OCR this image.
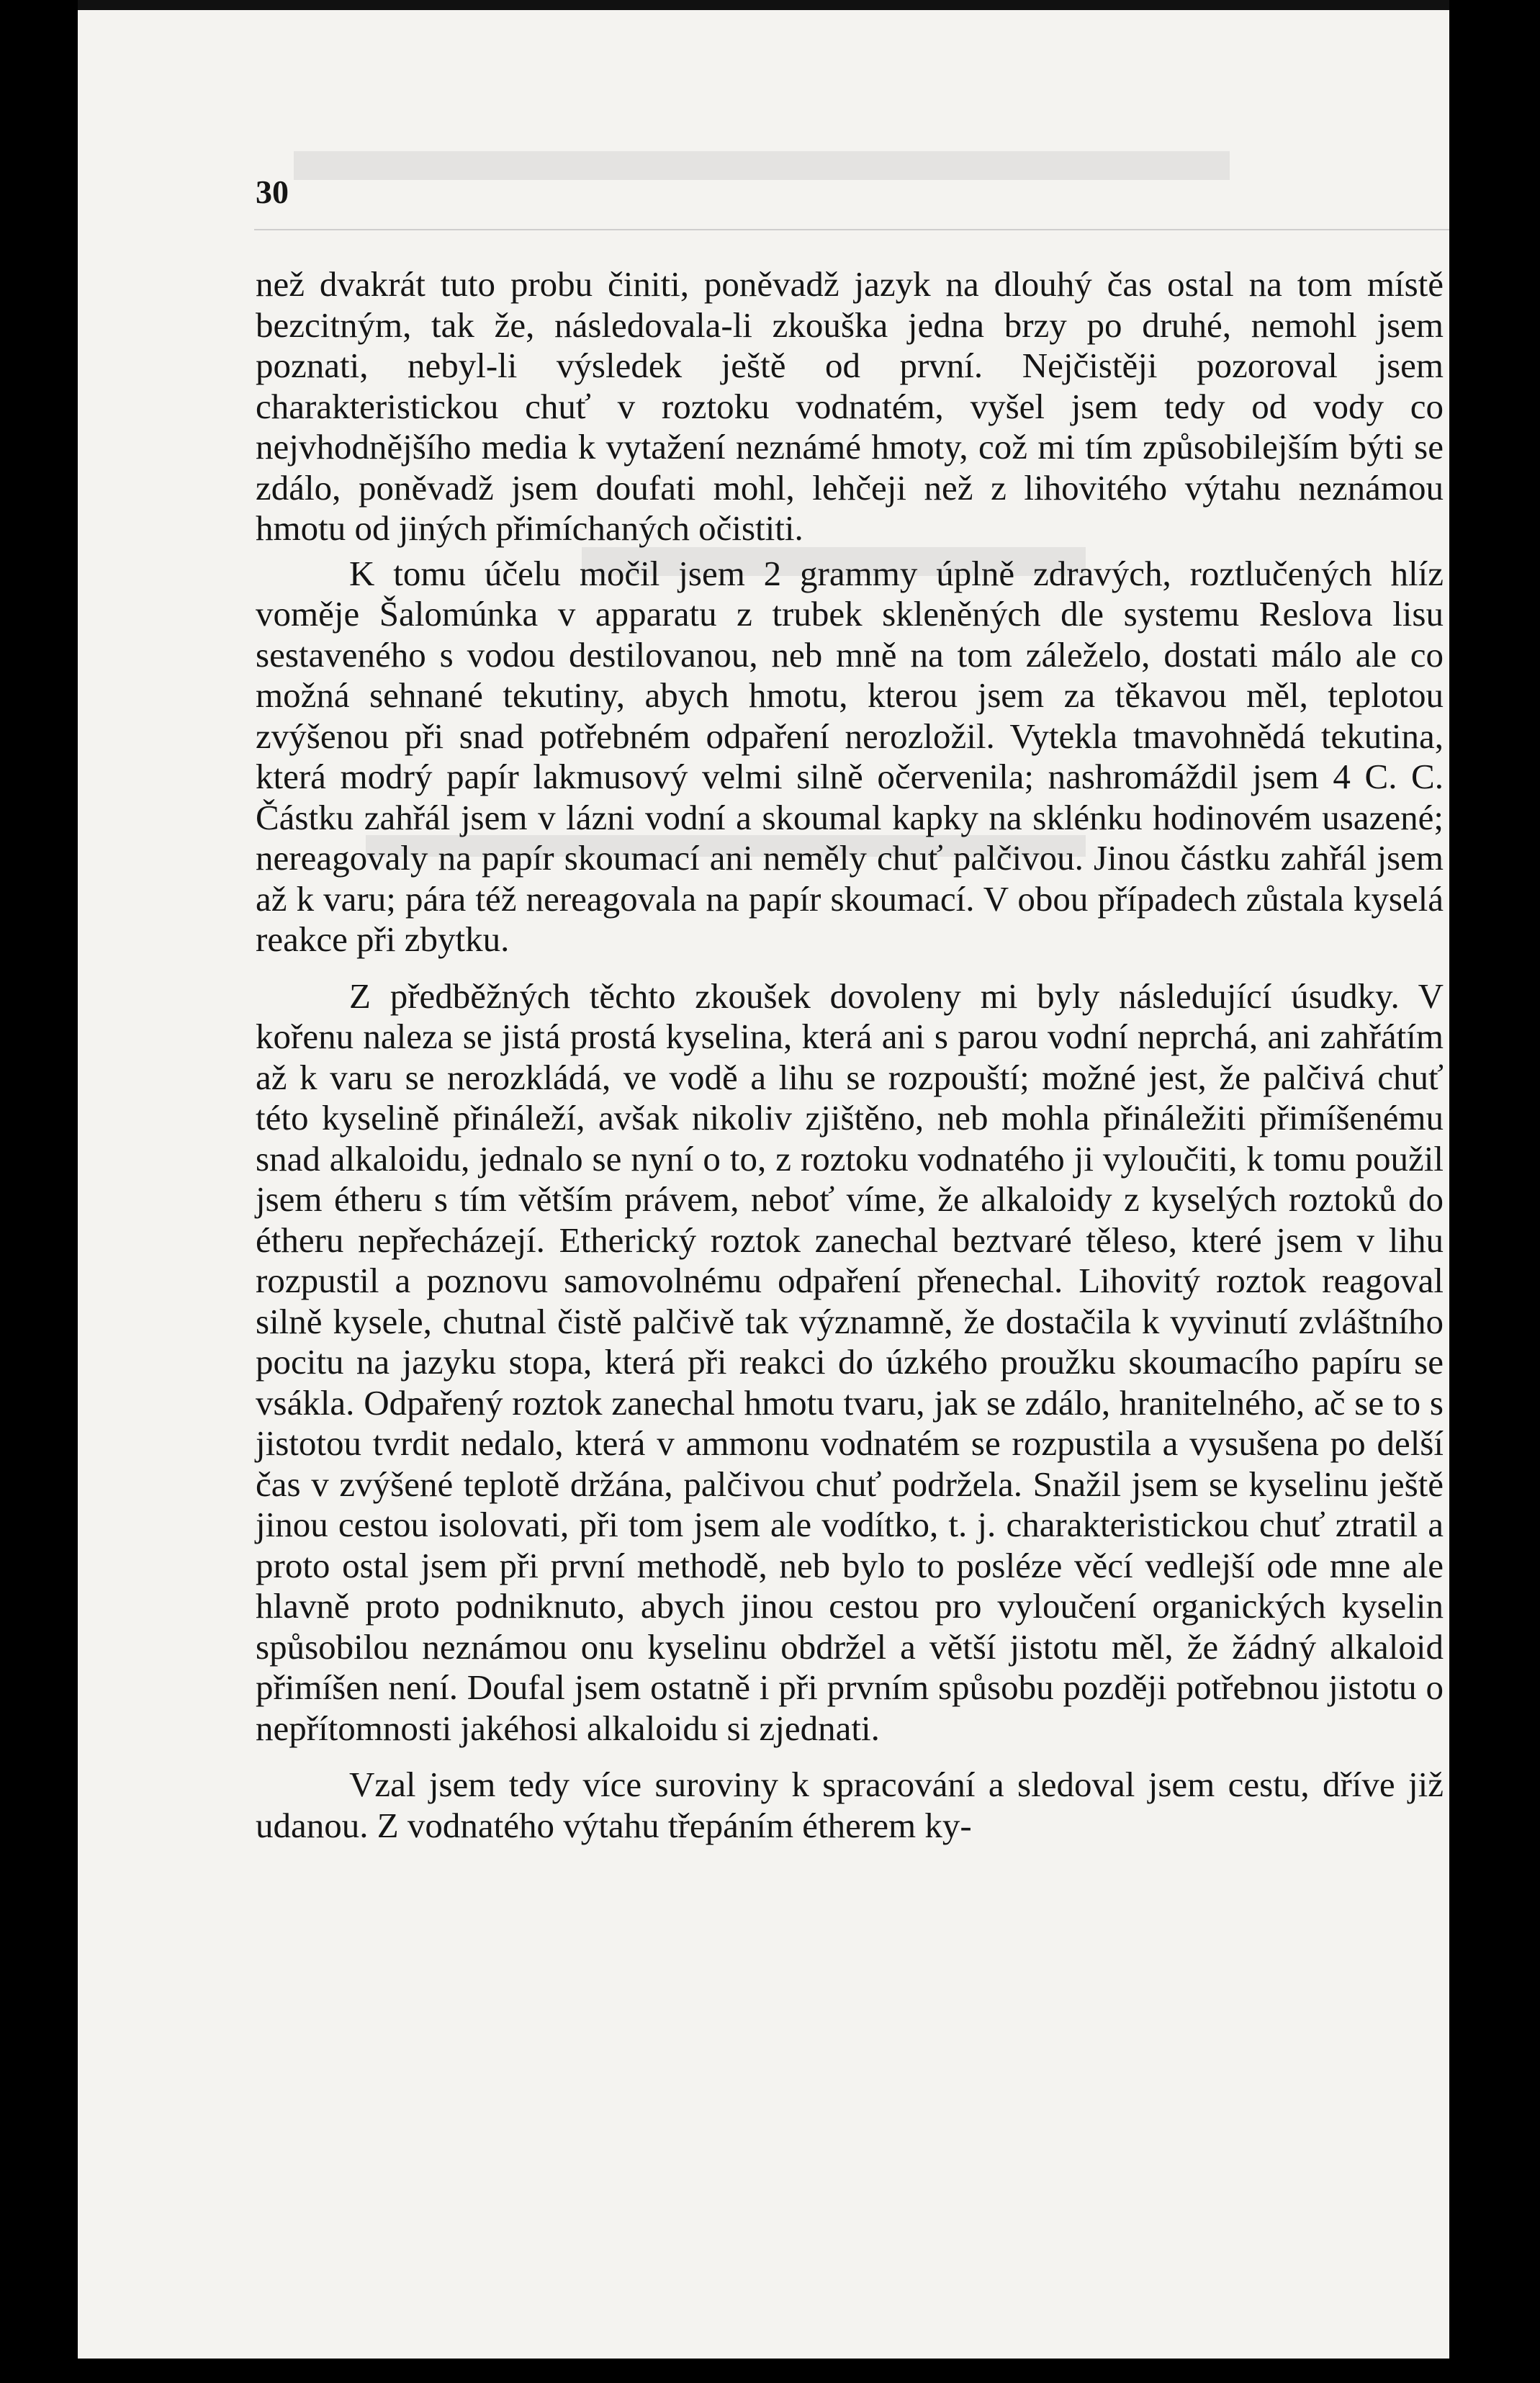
30

než dvakrát tuto probu činiti, poněvadž jazyk na dlouhý čas ostal na tom místě bezcitným, tak že, následovala-li zkouška jedna brzy po druhé, nemohl jsem poznati, nebyl-li výsledek ještě od první. Nejčistěji pozoroval jsem charakteristickou chuť v roztoku vodnatém, vyšel jsem tedy od vody co nejvhodnějšího media k vytažení neznámé hmoty, což mi tím způsobilejším býti se zdálo, poněvadž jsem doufati mohl, lehčeji než z lihovitého výtahu neznámou hmotu od jiných přimíchaných očistiti.

K tomu účelu močil jsem 2 grammy úplně zdravých, roztlučených hlíz voměje Šalomúnka v apparatu z trubek skleněných dle systemu Reslova lisu sestaveného s vodou destilovanou, neb mně na tom záleželo, dostati málo ale co možná sehnané tekutiny, abych hmotu, kterou jsem za těkavou měl, teplotou zvýšenou při snad potřebném odpaření nerozložil. Vytekla tmavohnědá tekutina, která modrý papír lakmusový velmi silně očervenila; nashromáždil jsem 4 C. C. Částku zahřál jsem v lázni vodní a skoumal kapky na sklénku hodinovém usazené; nereagovaly na papír skoumací ani neměly chuť palčivou. Jinou částku zahřál jsem až k varu; pára též nereagovala na papír skoumací. V obou případech zůstala kyselá reakce při zbytku.

Z předběžných těchto zkoušek dovoleny mi byly následující úsudky. V kořenu naleza se jistá prostá kyselina, která ani s parou vodní neprchá, ani zahřátím až k varu se nerozkládá, ve vodě a lihu se rozpouští; možné jest, že palčivá chuť této kyselině přináleží, avšak nikoliv zjištěno, neb mohla přináležiti přimíšenému snad alkaloidu, jednalo se nyní o to, z roztoku vodnatého ji vyloučiti, k tomu použil jsem étheru s tím větším právem, neboť víme, že alkaloidy z kyselých roztoků do étheru nepřecházejí. Etherický roztok zanechal beztvaré těleso, které jsem v lihu rozpustil a poznovu samovolnému odpaření přenechal. Lihovitý roztok reagoval silně kysele, chutnal čistě palčivě tak významně, že dostačila k vyvinutí zvláštního pocitu na jazyku stopa, která při reakci do úzkého proužku skoumacího papíru se vsákla. Odpařený roztok zanechal hmotu tvaru, jak se zdálo, hranitelného, ač se to s jistotou tvrdit nedalo, která v ammonu vodnatém se rozpustila a vysušena po delší čas v zvýšené teplotě držána, palčivou chuť podržela. Snažil jsem se kyselinu ještě jinou cestou isolovati, při tom jsem ale vodítko, t. j. charakteristickou chuť ztratil a proto ostal jsem při první methodě, neb bylo to posléze věcí vedlejší ode mne ale hlavně proto podniknuto, abych jinou cestou pro vyloučení organických kyselin spůsobilou neznámou onu kyselinu obdržel a větší jistotu měl, že žádný alkaloid přimíšen není. Doufal jsem ostatně i při prvním spůsobu později potřebnou jistotu o nepřítomnosti jakéhosi alkaloidu si zjednati.

Vzal jsem tedy více suroviny k spracování a sledoval jsem cestu, dříve již udanou. Z vodnatého výtahu třepáním étherem ky-
